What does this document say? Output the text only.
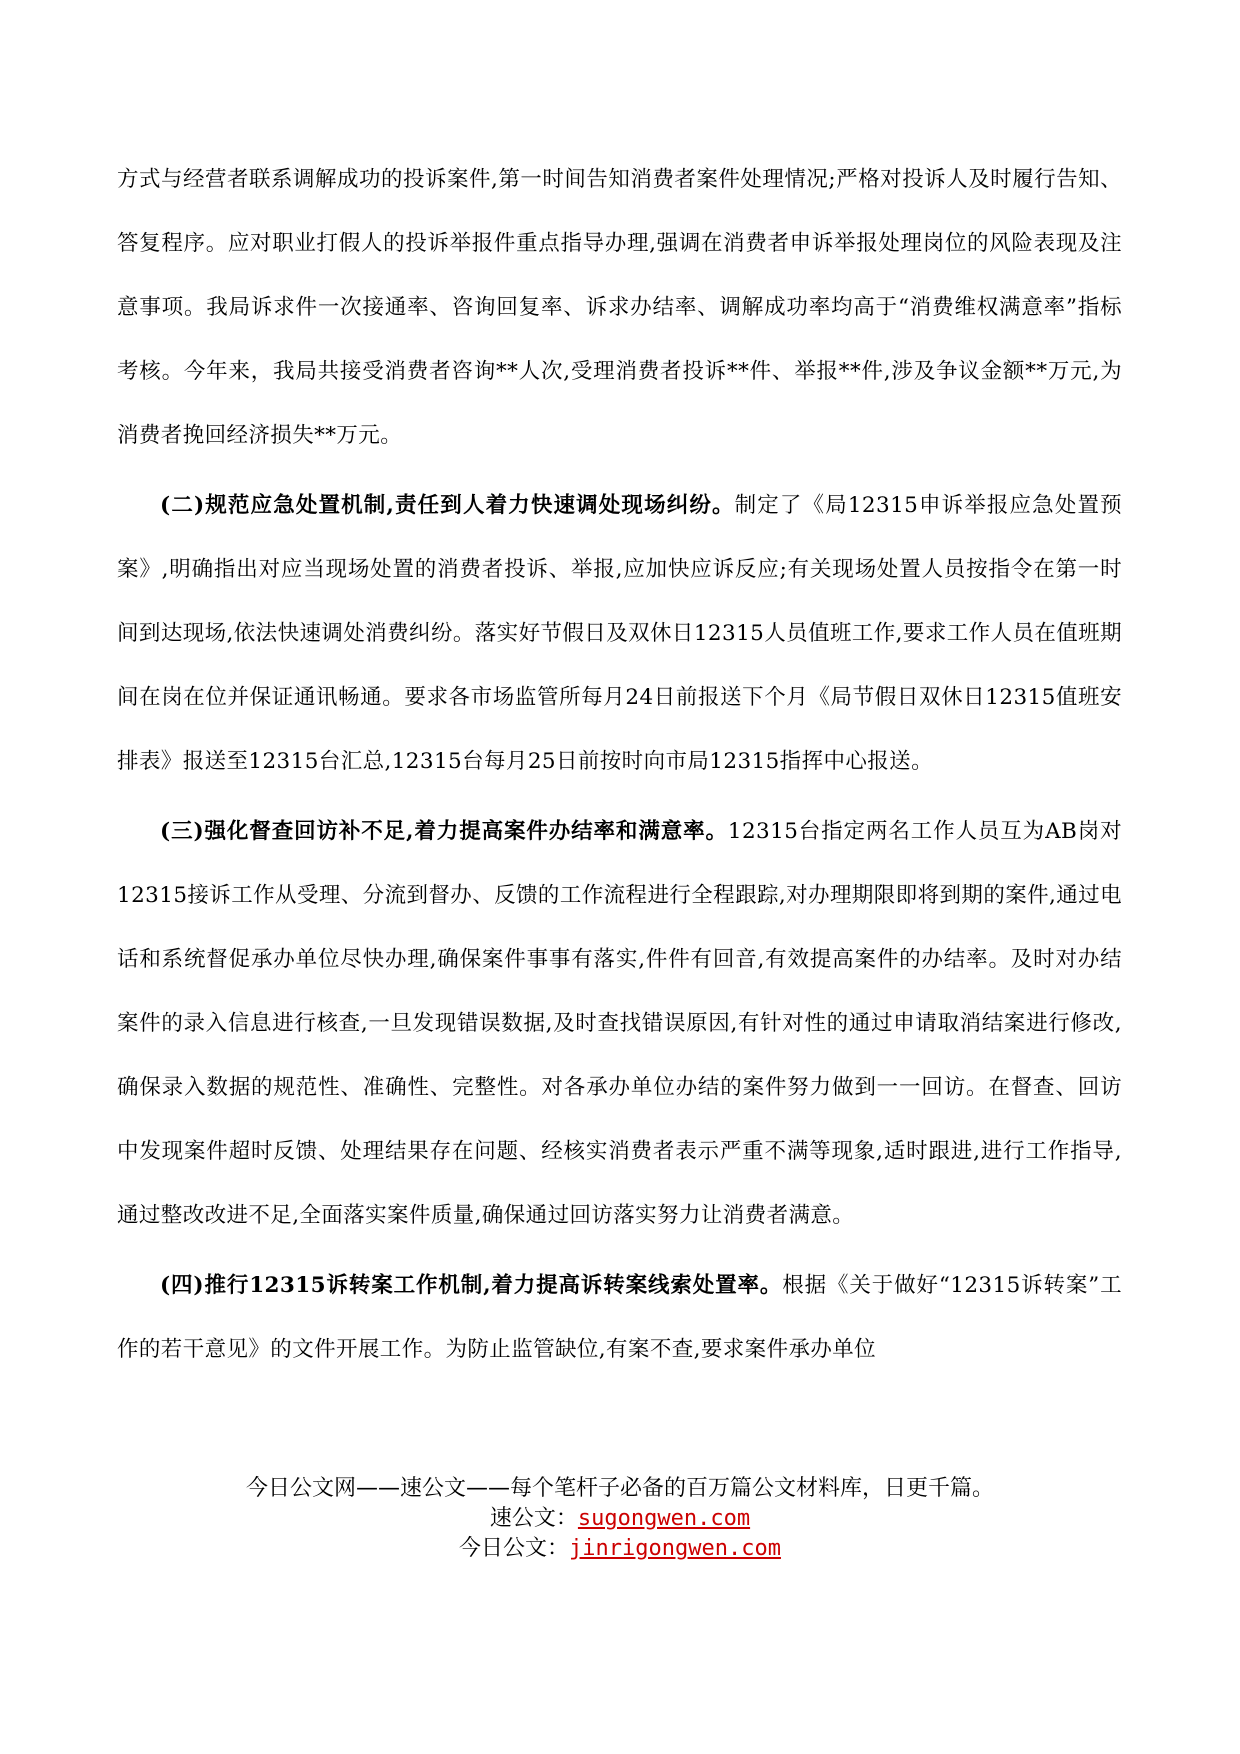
方式与经营者联系调解成功的投诉案件,第一时间告知消费者案件处理情况;严格对投诉人及时履行告知、答复程序。应对职业打假人的投诉举报件重点指导办理,强调在消费者申诉举报处理岗位的风险表现及注意事项。我局诉求件一次接通率、咨询回复率、诉求办结率、调解成功率均高于“消费维权满意率”指标考核。今年来，我局共接受消费者咨询**人次,受理消费者投诉**件、举报**件,涉及争议金额**万元,为消费者挽回经济损失**万元。

(二)规范应急处置机制,责任到人着力快速调处现场纠纷。制定了《局12315申诉举报应急处置预案》,明确指出对应当现场处置的消费者投诉、举报,应加快应诉反应;有关现场处置人员按指令在第一时间到达现场,依法快速调处消费纠纷。落实好节假日及双休日12315人员值班工作,要求工作人员在值班期间在岗在位并保证通讯畅通。要求各市场监管所每月24日前报送下个月《局节假日双休日12315值班安排表》报送至12315台汇总,12315台每月25日前按时向市局12315指挥中心报送。

(三)强化督查回访补不足,着力提高案件办结率和满意率。12315台指定两名工作人员互为AB岗对12315接诉工作从受理、分流到督办、反馈的工作流程进行全程跟踪,对办理期限即将到期的案件,通过电话和系统督促承办单位尽快办理,确保案件事事有落实,件件有回音,有效提高案件的办结率。及时对办结案件的录入信息进行核查,一旦发现错误数据,及时查找错误原因,有针对性的通过申请取消结案进行修改,确保录入数据的规范性、准确性、完整性。对各承办单位办结的案件努力做到一一回访。在督查、回访中发现案件超时反馈、处理结果存在问题、经核实消费者表示严重不满等现象,适时跟进,进行工作指导,通过整改改进不足,全面落实案件质量,确保通过回访落实努力让消费者满意。

(四)推行12315诉转案工作机制,着力提高诉转案线索处置率。根据《关于做好“12315诉转案”工作的若干意见》的文件开展工作。为防止监管缺位,有案不查,要求案件承办单位

今日公文网——速公文——每个笔杆子必备的百万篇公文材料库，日更千篇。
速公文：sugongwen.com
今日公文：jinrigongwen.com
